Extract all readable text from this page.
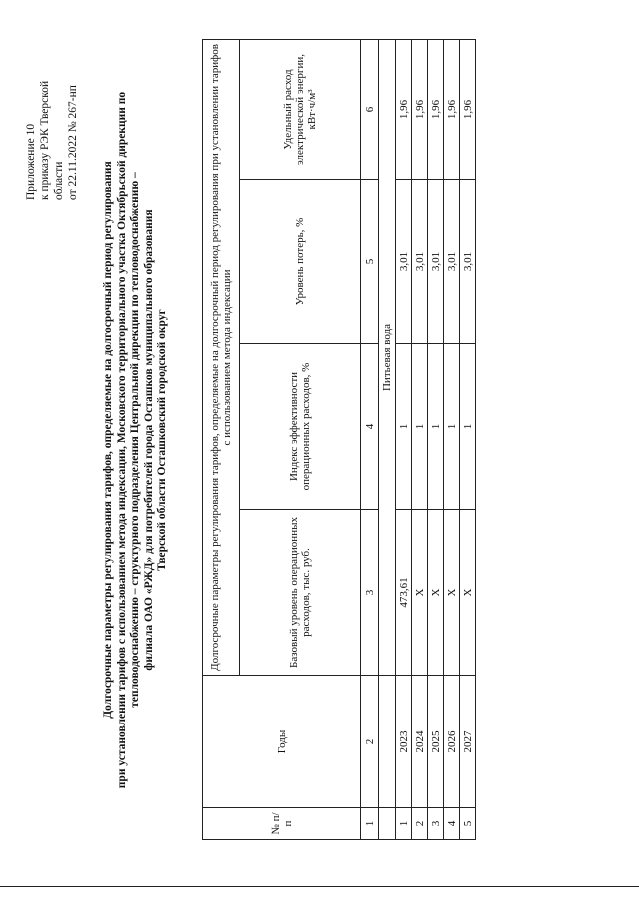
Приложение 10 к приказу РЭК Тверской области от 22.11.2022 № 267-нп
Долгосрочные параметры регулирования тарифов, определяемые на долгосрочный период регулирования при установлении тарифов с использованием метода индексации, Московского территориального участка Октябрьской дирекции по тепловодоснабжению – структурного подразделения Центральной дирекции по тепловодоснабжению – филиала ОАО «РЖД» для потребителей города Осташков муниципального образования Тверской области Осташковский городской округ
№ п/п	Годы	Долгосрочные параметры регулирования тарифов, определяемые на долгосрочный период регулирования при установлении тарифов с использованием метода индексации			
		Базовый уровень операционных расходов, тыс. руб.	Индекс эффективности операционных расходов, %	Уровень потерь, %	Удельный расход электрической энергии, кВт·ч/м³
1	2	3	4	5	6
		Питьевая вода			
1	2023	473,61	1	3,01	1,96
2	2024	X	1	3,01	1,96
3	2025	X	1	3,01	1,96
4	2026	X	1	3,01	1,96
5	2027	X	1	3,01	1,96
